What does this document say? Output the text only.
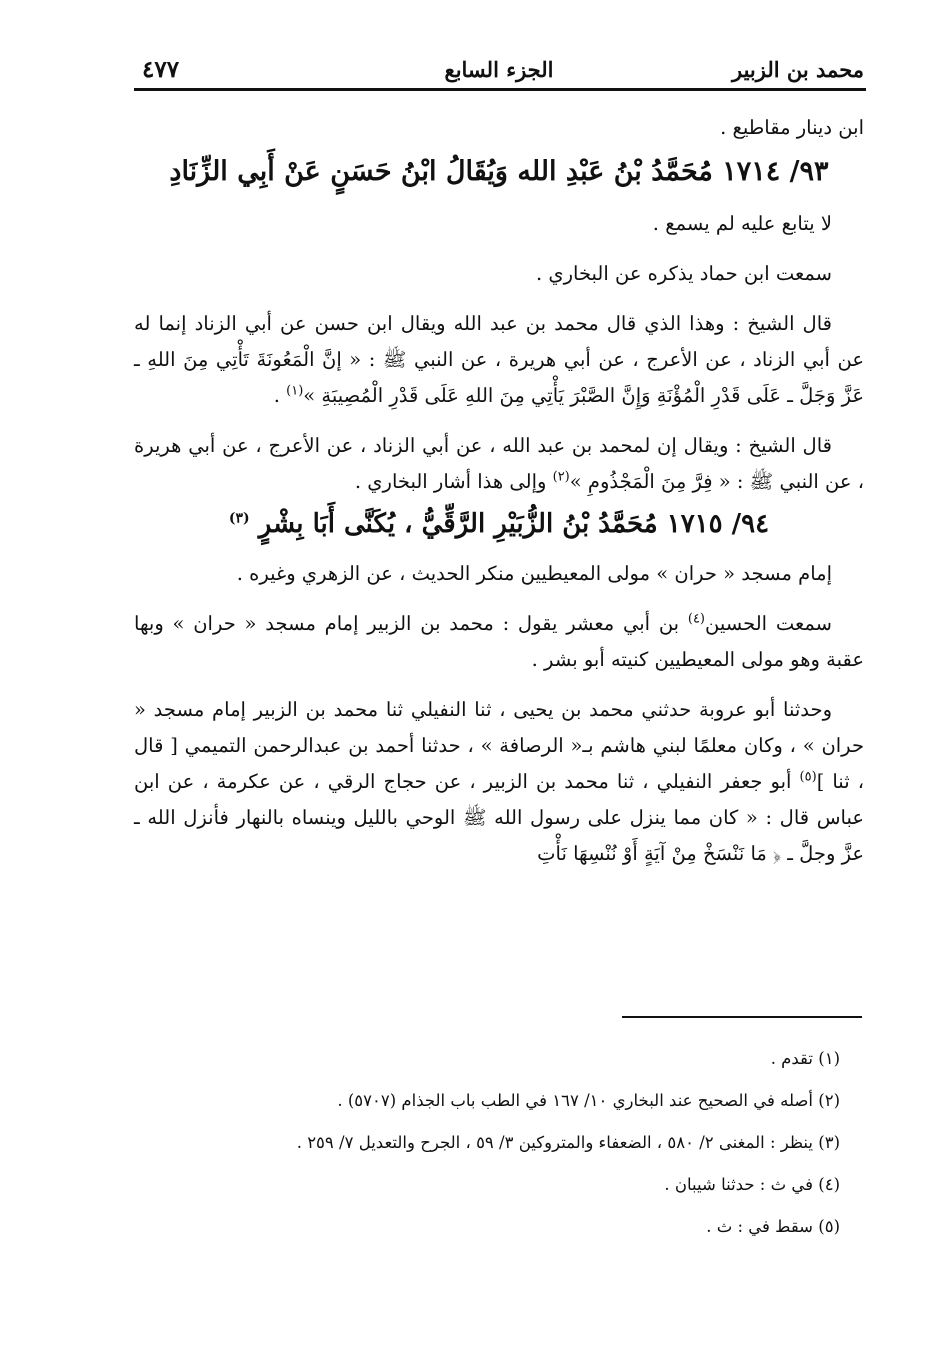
محمد بن الزبير
الجزء السابع
٤٧٧

ابن دينار مقاطيع .

٩٣/ ١٧١٤ مُحَمَّدُ بْنُ عَبْدِ الله وَيُقَالُ ابْنُ حَسَنٍ عَنْ أَبِي الزِّنَادِ

لا يتابع عليه لم يسمع .

سمعت ابن حماد يذكره عن البخاري .

قال الشيخ : وهذا الذي قال محمد بن عبد الله ويقال ابن حسن عن أبي الزناد إنما له عن أبي الزناد ، عن الأعرج ، عن أبي هريرة ، عن النبي ﷺ : « إنَّ الْمَعُونَةَ تَأْتِي مِنَ اللهِ ـ عَزَّ وَجَلَّ ـ عَلَى قَدْرِ الْمُؤْنَةِ وَإِنَّ الصَّبْرَ يَأْتِي مِنَ اللهِ عَلَى قَدْرِ الْمُصِيبَةِ »$^{(١)}$ .

قال الشيخ : ويقال إن لمحمد بن عبد الله ، عن أبي الزناد ، عن الأعرج ، عن أبي هريرة ، عن النبي ﷺ : « فِرَّ مِنَ الْمَجْذُومِ »$^{(٢)}$ وإلى هذا أشار البخاري .

٩٤/ ١٧١٥ مُحَمَّدُ بْنُ الزُّبَيْرِ الرَّقِّيُّ ، يُكَنَّى أَبَا بِشْرٍ $^{(٣)}$

إمام مسجد « حران » مولى المعيطيين منكر الحديث ، عن الزهري وغيره .

سمعت الحسين$^{(٤)}$ بن أبي معشر يقول : محمد بن الزبير إمام مسجد « حران » وبها عقبة وهو مولى المعيطيين كنيته أبو بشر .

وحدثنا أبو عروبة حدثني محمد بن يحيى ، ثنا النفيلي ثنا محمد بن الزبير إمام مسجد « حران » ، وكان معلمًا لبني هاشم بـ« الرصافة » ، حدثنا أحمد بن عبدالرحمن التميمي [ قال ، ثنا ]$^{(٥)}$ أبو جعفر النفيلي ، ثنا محمد بن الزبير ، عن حجاج الرقي ، عن عكرمة ، عن ابن عباس قال : « كان مما ينزل على رسول الله ﷺ الوحي بالليل وينساه بالنهار فأنزل الله ـ عزَّ وجلَّ ـ ﴿ مَا نَنْسَخْ مِنْ آيَةٍ أَوْ نُنْسِهَا نَأْتِ

(١) تقدم .
(٢) أصله في الصحيح عند البخاري ١٠/ ١٦٧ في الطب باب الجذام (٥٧٠٧) .
(٣) ينظر : المغنى ٢/ ٥٨٠ ، الضعفاء والمتروكين ٣/ ٥٩ ، الجرح والتعديل ٧/ ٢٥٩ .
(٤) في ث : حدثنا شيبان .
(٥) سقط في : ث .
